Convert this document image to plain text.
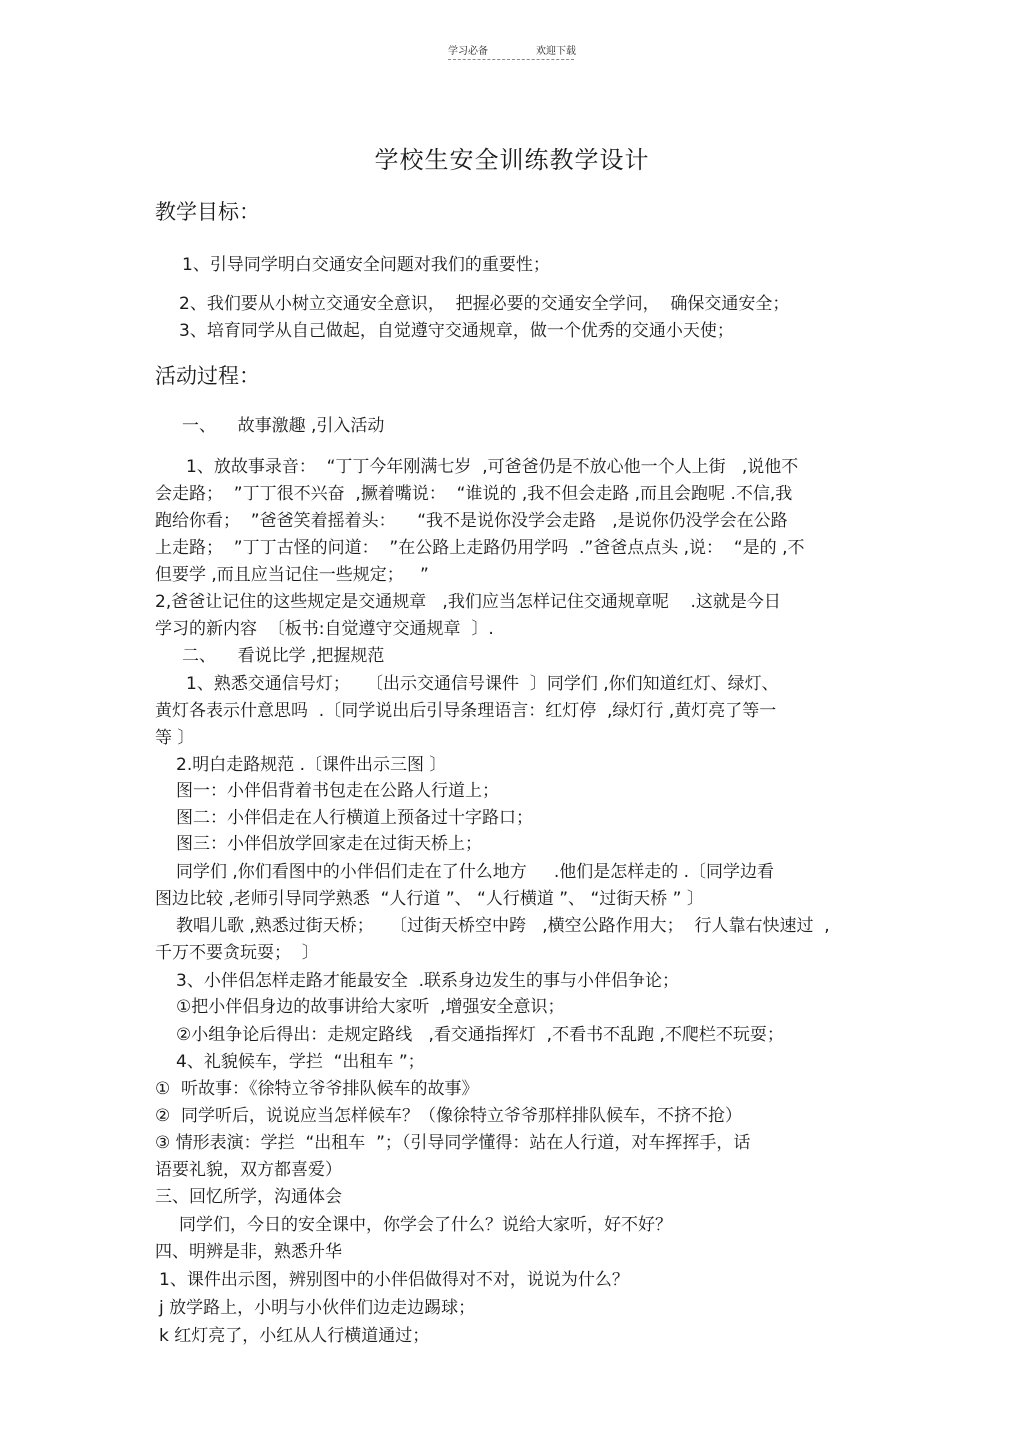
学习必备	欢迎下载
学校生安全训练教学设计
教学目标：
活动过程：
1、引导同学明白交通安全问题对我们的重要性；
2、我们要从小树立交通安全意识，  把握必要的交通安全学问，  确保交通安全；
3、培育同学从自己做起，自觉遵守交通规章，做一个优秀的交通小天使；
一、    故事激趣 ,引入活动
1、放故事录音：  “丁丁今年刚满七岁  ,可爸爸仍是不放心他一个人上街   ,说他不
会走路；  ”丁丁很不兴奋  ,撅着嘴说：  “谁说的 ,我不但会走路 ,而且会跑呢 .不信,我
跑给你看；  ”爸爸笑着摇着头：    “我不是说你没学会走路   ,是说你仍没学会在公路
上走路；  ”丁丁古怪的问道：  ”在公路上走路仍用学吗  .”爸爸点点头 ,说：  “是的 ,不
但要学 ,而且应当记住一些规定；   ”
2,爸爸让记住的这些规定是交通规章   ,我们应当怎样记住交通规章呢    .这就是今日
学习的新内容  〔板书:自觉遵守交通规章  〕.
二、    看说比学 ,把握规范
1、熟悉交通信号灯；   〔出示交通信号课件  〕同学们 ,你们知道红灯、绿灯、
黄灯各表示什意思吗  .〔同学说出后引导条理语言：红灯停  ,绿灯行 ,黄灯亮了等一
等 〕
2.明白走路规范 .〔课件出示三图 〕
图一：小伴侣背着书包走在公路人行道上；
图二：小伴侣走在人行横道上预备过十字路口；
图三：小伴侣放学回家走在过街天桥上；
同学们 ,你们看图中的小伴侣们走在了什么地方     .他们是怎样走的 .〔同学边看
图边比较 ,老师引导同学熟悉  “人行道 ”、 “人行横道 ”、 “过街天桥 ” 〕
教唱儿歌 ,熟悉过街天桥；   〔过街天桥空中跨   ,横空公路作用大；  行人靠右快速过  ,
千万不要贪玩耍；  〕
3、小伴侣怎样走路才能最安全  .联系身边发生的事与小伴侣争论；
①把小伴侣身边的故事讲给大家听  ,增强安全意识；
②小组争论后得出：走规定路线   ,看交通指挥灯  ,不看书不乱跑 ,不爬栏不玩耍；
4、礼貌候车，学拦  “出租车 ”；
①  听故事：《徐特立爷爷排队候车的故事》
②  同学听后，说说应当怎样候车？（像徐特立爷爷那样排队候车，不挤不抢）
③ 情形表演：学拦  “出租车  ”；（引导同学懂得：站在人行道，对车挥挥手，话
语要礼貌，双方都喜爱）
三、回忆所学，沟通体会
同学们，今日的安全课中，你学会了什么？说给大家听，好不好？
四、明辨是非，熟悉升华
1、课件出示图，辨别图中的小伴侣做得对不对，说说为什么？
j 放学路上，小明与小伙伴们边走边踢球；
k 红灯亮了，小红从人行横道通过；
